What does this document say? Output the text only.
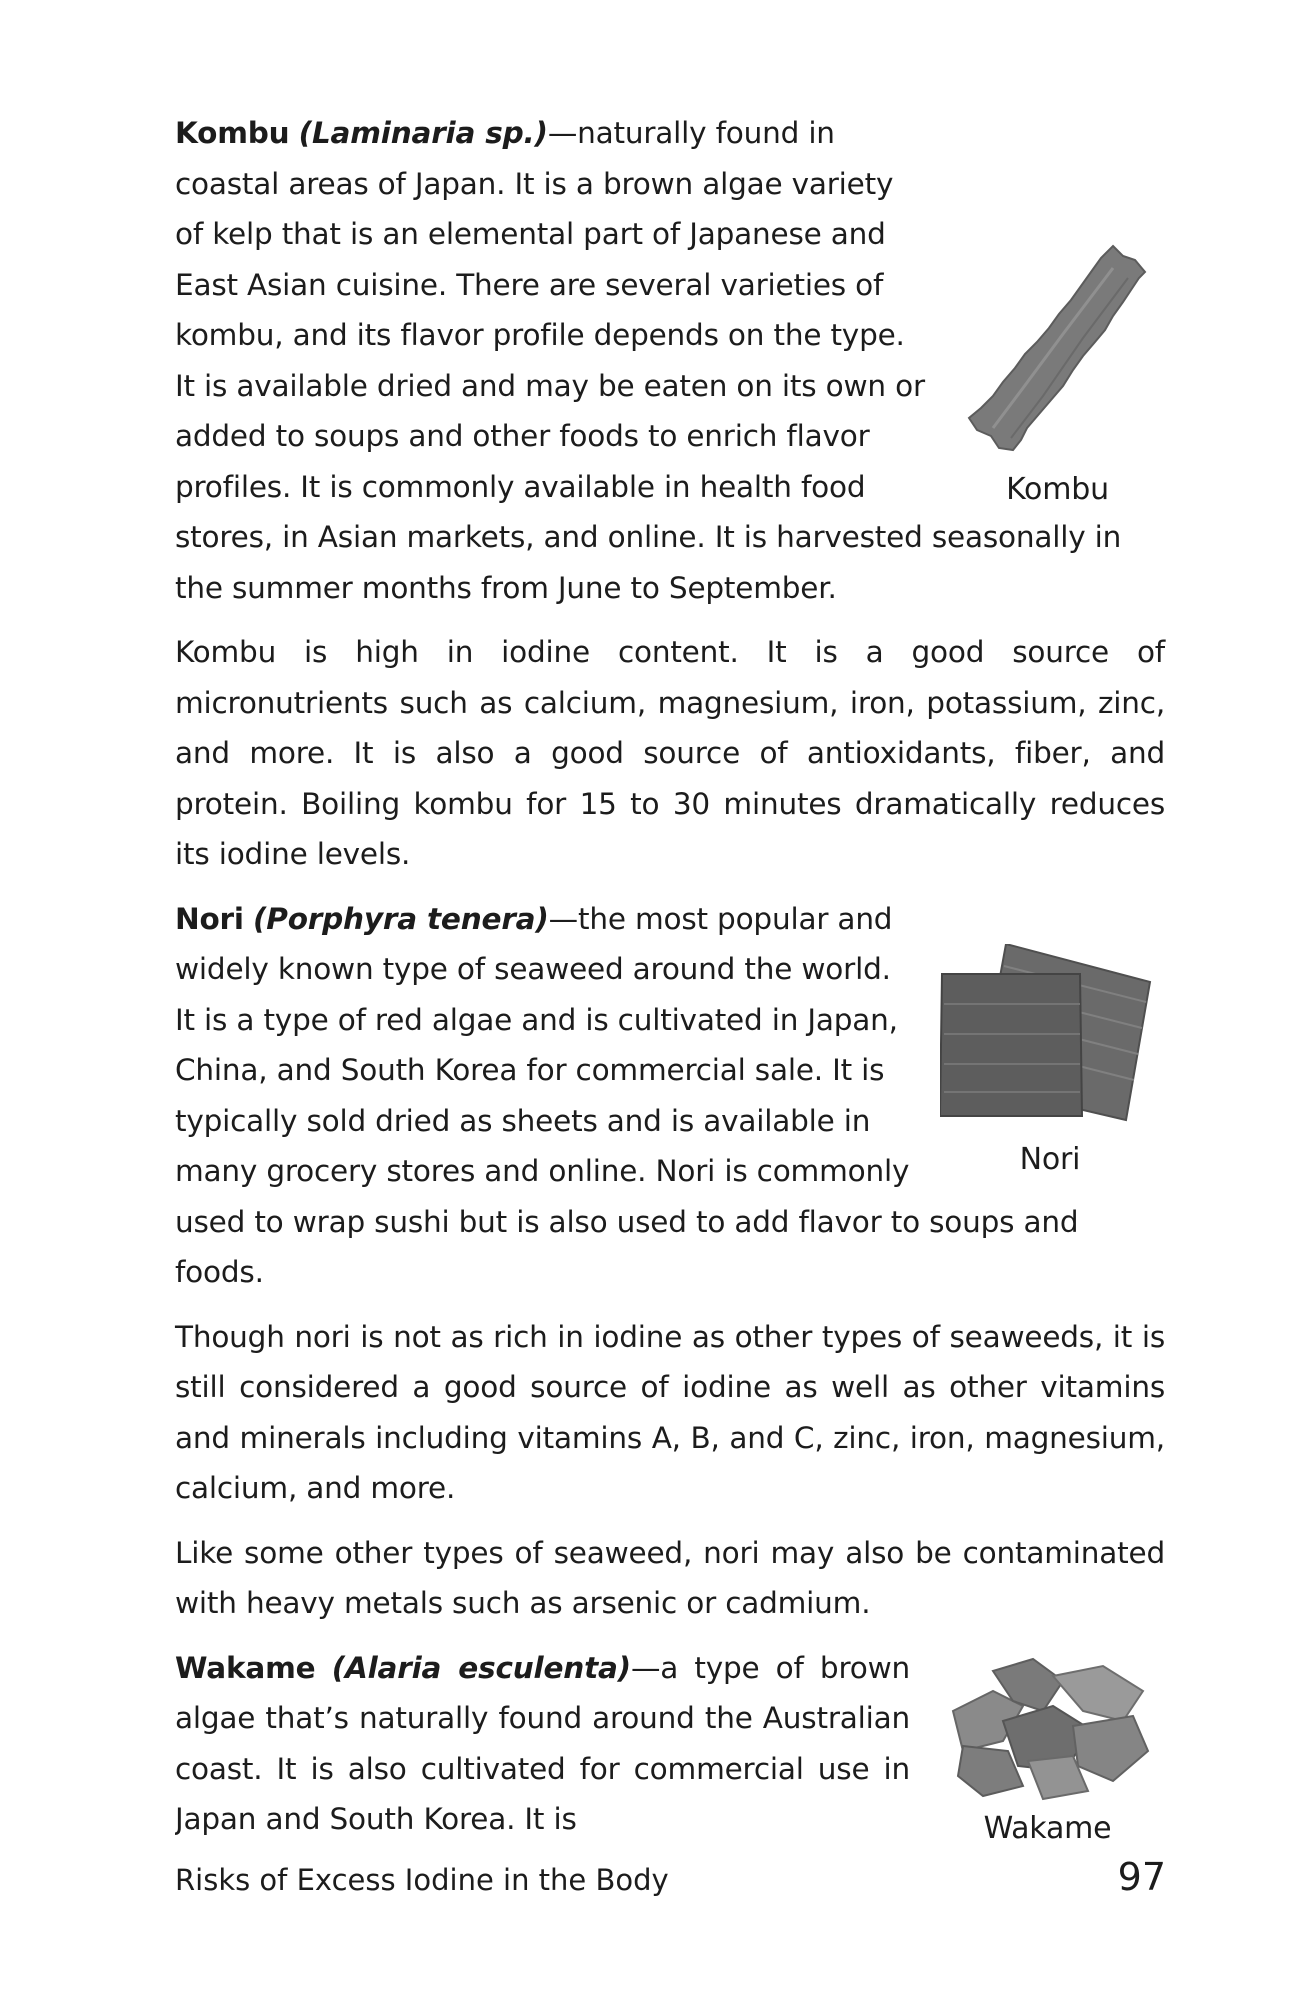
Kombu

Kombu (Laminaria sp.)—naturally found in coastal areas of Japan. It is a brown algae variety of kelp that is an elemental part of Japanese and East Asian cuisine. There are several varieties of kombu, and its flavor profile depends on the type. It is available dried and may be eaten on its own or added to soups and other foods to enrich flavor profiles. It is commonly available in health food stores, in Asian markets, and online. It is harvested seasonally in the summer months from June to September.

Kombu is high in iodine content. It is a good source of micronutrients such as calcium, magnesium, iron, potassium, zinc, and more. It is also a good source of antioxidants, fiber, and protein. Boiling kombu for 15 to 30 minutes dramatically reduces its iodine levels.

Nori

Nori (Porphyra tenera)—the most popular and widely known type of seaweed around the world. It is a type of red algae and is cultivated in Japan, China, and South Korea for commercial sale. It is typically sold dried as sheets and is available in many grocery stores and online. Nori is commonly used to wrap sushi but is also used to add flavor to soups and foods.

Though nori is not as rich in iodine as other types of seaweeds, it is still considered a good source of iodine as well as other vitamins and minerals including vitamins A, B, and C, zinc, iron, magnesium, calcium, and more.

Like some other types of seaweed, nori may also be contaminated with heavy metals such as arsenic or cadmium.

Wakame

Wakame (Alaria esculenta)—a type of brown algae that’s naturally found around the Australian coast. It is also cultivated for commercial use in Japan and South Korea. It is

Risks of Excess Iodine in the Body	97
